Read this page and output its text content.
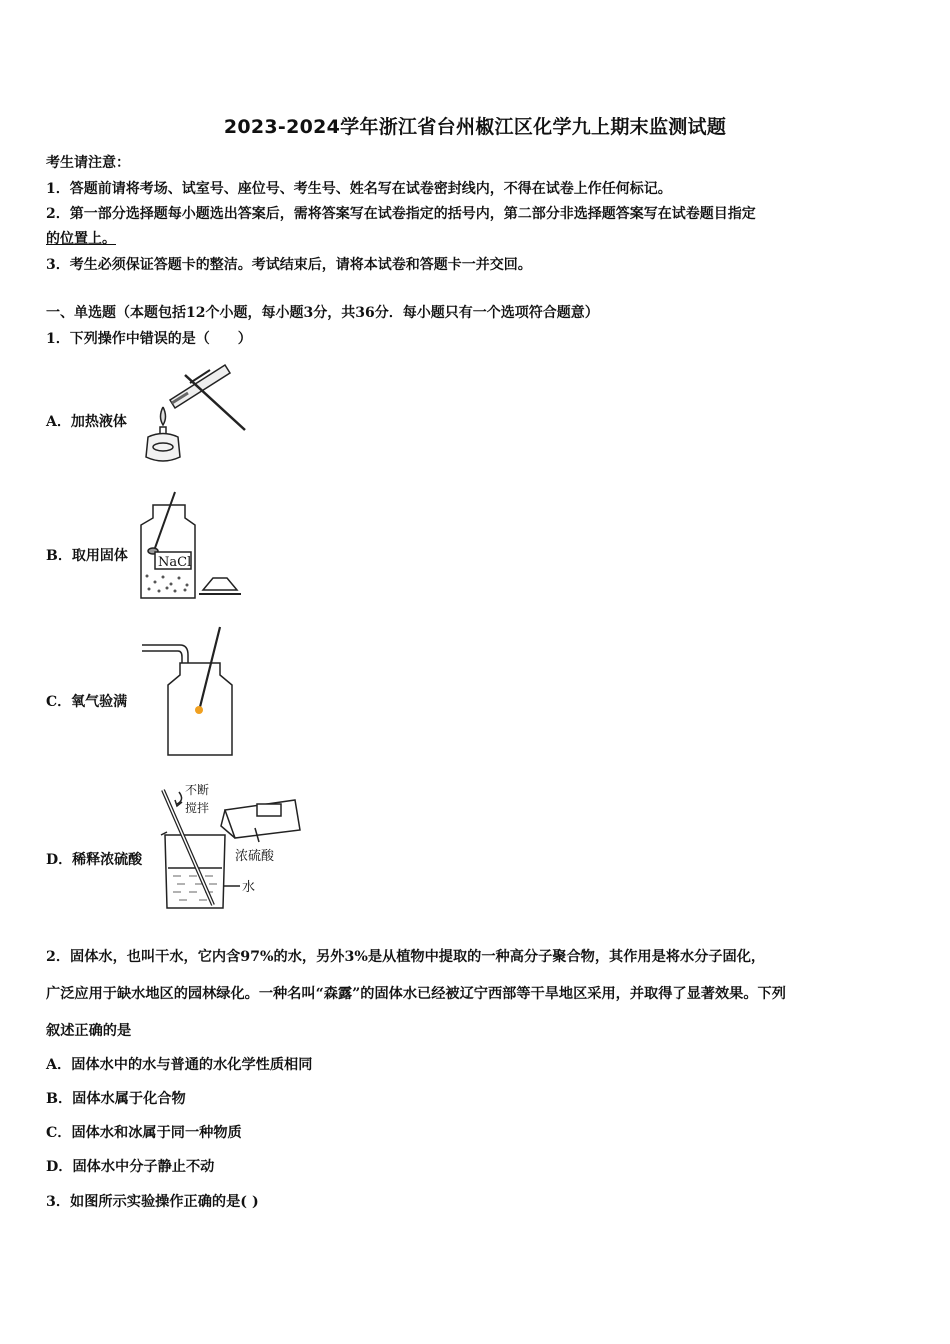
2023-2024学年浙江省台州椒江区化学九上期末监测试题
考生请注意：
1．答题前请将考场、试室号、座位号、考生号、姓名写在试卷密封线内，不得在试卷上作任何标记。
2．第一部分选择题每小题选出答案后，需将答案写在试卷指定的括号内，第二部分非选择题答案写在试卷题目指定
的位置上。
3．考生必须保证答题卡的整洁。考试结束后，请将本试卷和答题卡一并交回。
一、单选题（本题包括12个小题，每小题3分，共36分．每小题只有一个选项符合题意）
1．下列操作中错误的是（　　）
A．加热液体
B．取用固体 NaCl
C．氧气验满
D．稀释浓硫酸
不断
搅拌
浓硫酸
水
2．固体水，也叫干水，它内含97%的水，另外3%是从植物中提取的一种高分子聚合物，其作用是将水分子固化，
广泛应用于缺水地区的园林绿化。一种名叫“森露”的固体水已经被辽宁西部等干旱地区采用，并取得了显著效果。下列
叙述正确的是
A．固体水中的水与普通的水化学性质相同
B．固体水属于化合物
C．固体水和冰属于同一种物质
D．固体水中分子静止不动
3．如图所示实验操作正确的是( )
